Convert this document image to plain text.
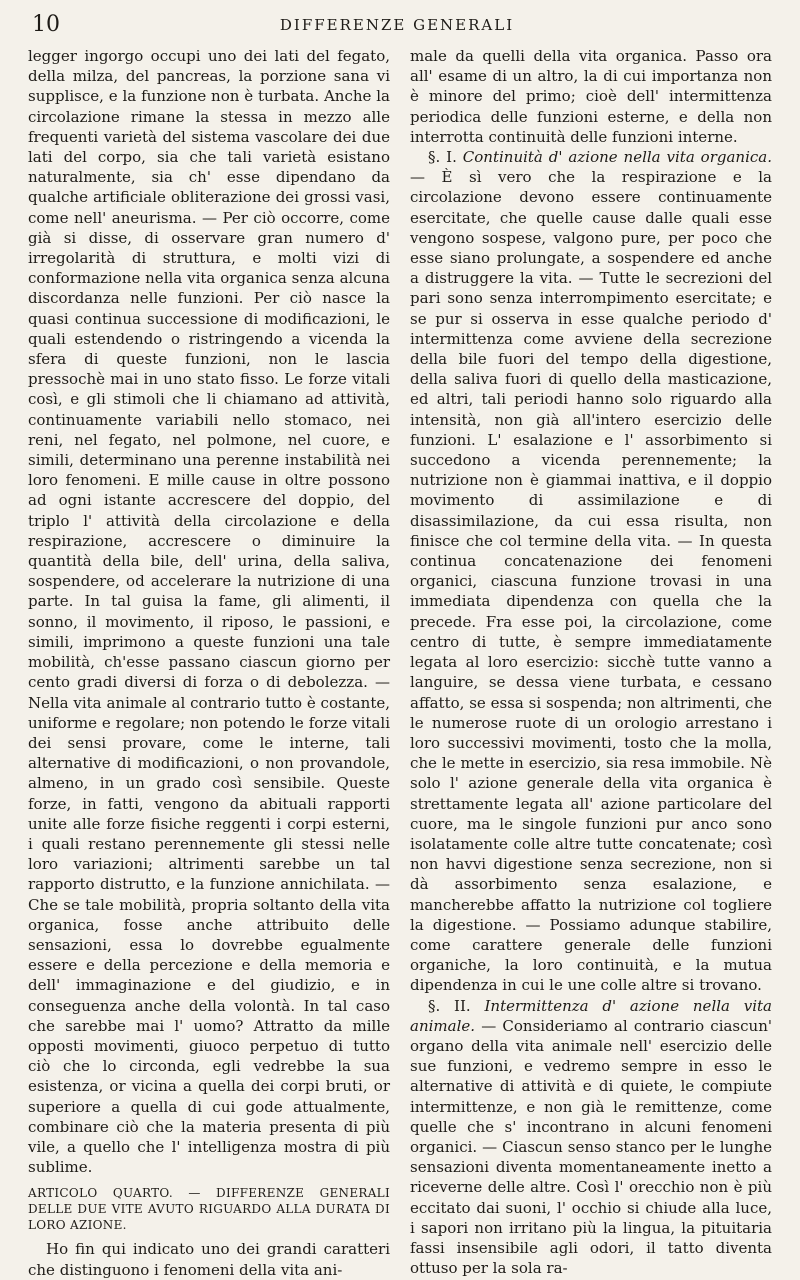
10	DIFFERENZE GENERALI

legger ingorgo occupi uno dei lati del fegato, della milza, del pancreas, la porzione sana vi supplisce, e la funzione non è turbata. Anche la circolazione rimane la stessa in mezzo alle frequenti varietà del sistema vascolare dei due lati del corpo, sia che tali varietà esistano naturalmente, sia ch' esse dipendano da qualche artificiale obliterazione dei grossi vasi, come nell' aneurisma. — Per ciò occorre, come già si disse, di osservare gran numero d' irregolarità di struttura, e molti vizi di conformazione nella vita organica senza alcuna discordanza nelle funzioni. Per ciò nasce la quasi continua successione di modificazioni, le quali estendendo o ristringendo a vicenda la sfera di queste funzioni, non le lascia pressochè mai in uno stato fisso. Le forze vitali così, e gli stimoli che li chiamano ad attività, continuamente variabili nello stomaco, nei reni, nel fegato, nel polmone, nel cuore, e simili, determinano una perenne instabilità nei loro fenomeni. E mille cause in oltre possono ad ogni istante accrescere del doppio, del triplo l' attività della circolazione e della respirazione, accrescere o diminuire la quantità della bile, dell' urina, della saliva, sospendere, od accelerare la nutrizione di una parte. In tal guisa la fame, gli alimenti, il sonno, il movimento, il riposo, le passioni, e simili, imprimono a queste funzioni una tale mobilità, ch'esse passano ciascun giorno per cento gradi diversi di forza o di debolezza. — Nella vita animale al contrario tutto è costante, uniforme e regolare; non potendo le forze vitali dei sensi provare, come le interne, tali alternative di modificazioni, o non provandole, almeno, in un grado così sensibile. Queste forze, in fatti, vengono da abituali rapporti unite alle forze fisiche reggenti i corpi esterni, i quali restano perennemente gli stessi nelle loro variazioni; altrimenti sarebbe un tal rapporto distrutto, e la funzione annichilata. — Che se tale mobilità, propria soltanto della vita organica, fosse anche attribuito delle sensazioni, essa lo dovrebbe egualmente essere e della percezione e della memoria e dell' immaginazione e del giudizio, e in conseguenza anche della volontà. In tal caso che sarebbe mai l' uomo? Attratto da mille opposti movimenti, giuoco perpetuo di tutto ciò che lo circonda, egli vedrebbe la sua esistenza, or vicina a quella dei corpi bruti, or superiore a quella di cui gode attualmente, combinare ciò che la materia presenta di più vile, a quello che l' intelligenza mostra di più sublime.

ARTICOLO QUARTO. — DIFFERENZE GENERALI DELLE DUE VITE AVUTO RIGUARDO ALLA DURATA DI LORO AZIONE.

Ho fin qui indicato uno dei grandi caratteri che distinguono i fenomeni della vita ani-

male da quelli della vita organica. Passo ora all' esame di un altro, la di cui importanza non è minore del primo; cioè dell' intermittenza periodica delle funzioni esterne, e della non interrotta continuità delle funzioni interne.

§. I. Continuità d' azione nella vita organica. — È sì vero che la respirazione e la circolazione devono essere continuamente esercitate, che quelle cause dalle quali esse vengono sospese, valgono pure, per poco che esse siano prolungate, a sospendere ed anche a distruggere la vita. — Tutte le secrezioni del pari sono senza interrompimento esercitate; e se pur si osserva in esse qualche periodo d' intermittenza come avviene della secrezione della bile fuori del tempo della digestione, della saliva fuori di quello della masticazione, ed altri, tali periodi hanno solo riguardo alla intensità, non già all'intero esercizio delle funzioni. L' esalazione e l' assorbimento si succedono a vicenda perennemente; la nutrizione non è giammai inattiva, e il doppio movimento di assimilazione e di disassimilazione, da cui essa risulta, non finisce che col termine della vita. — In questa continua concatenazione dei fenomeni organici, ciascuna funzione trovasi in una immediata dipendenza con quella che la precede. Fra esse poi, la circolazione, come centro di tutte, è sempre immediatamente legata al loro esercizio: sicchè tutte vanno a languire, se dessa viene turbata, e cessano affatto, se essa si sospenda; non altrimenti, che le numerose ruote di un orologio arrestano i loro successivi movimenti, tosto che la molla, che le mette in esercizio, sia resa immobile. Nè solo l' azione generale della vita organica è strettamente legata all' azione particolare del cuore, ma le singole funzioni pur anco sono isolatamente colle altre tutte concatenate; così non havvi digestione senza secrezione, non si dà assorbimento senza esalazione, e mancherebbe affatto la nutrizione col togliere la digestione. — Possiamo adunque stabilire, come carattere generale delle funzioni organiche, la loro continuità, e la mutua dipendenza in cui le une colle altre si trovano.

§. II. Intermittenza d' azione nella vita animale. — Consideriamo al contrario ciascun' organo della vita animale nell' esercizio delle sue funzioni, e vedremo sempre in esso le alternative di attività e di quiete, le compiute intermittenze, e non già le remittenze, come quelle che s' incontrano in alcuni fenomeni organici. — Ciascun senso stanco per le lunghe sensazioni diventa momentaneamente inetto a riceverne delle altre. Così l' orecchio non è più eccitato dai suoni, l' occhio si chiude alla luce, i sapori non irritano più la lingua, la pituitaria fassi insensibile agli odori, il tatto diventa ottuso per la sola ra-
